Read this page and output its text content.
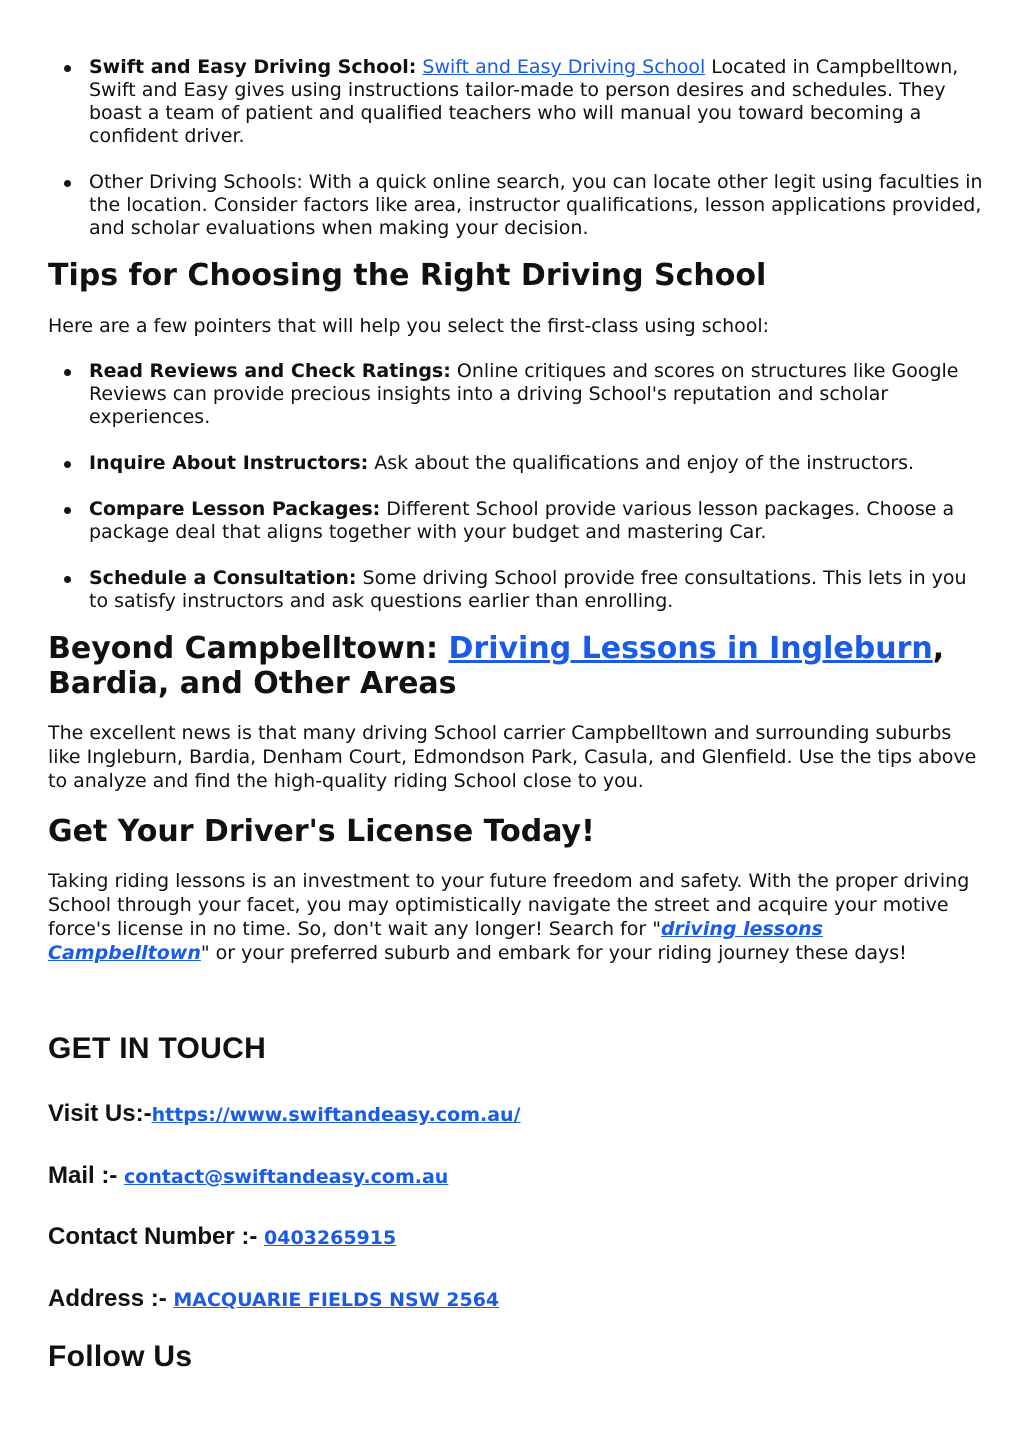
Swift and Easy Driving School: Swift and Easy Driving School Located in Campbelltown, Swift and Easy gives using instructions tailor-made to person desires and schedules. They boast a team of patient and qualified teachers who will manual you toward becoming a confident driver.
Other Driving Schools: With a quick online search, you can locate other legit using faculties in the location. Consider factors like area, instructor qualifications, lesson applications provided, and scholar evaluations when making your decision.
Tips for Choosing the Right Driving School

Here are a few pointers that will help you select the first-class using school:

Read Reviews and Check Ratings: Online critiques and scores on structures like Google Reviews can provide precious insights into a driving School's reputation and scholar experiences.
Inquire About Instructors: Ask about the qualifications and enjoy of the instructors.
Compare Lesson Packages: Different School provide various lesson packages. Choose a package deal that aligns together with your budget and mastering Car.
Schedule a Consultation: Some driving School provide free consultations. This lets in you to satisfy instructors and ask questions earlier than enrolling.
Beyond Campbelltown: Driving Lessons in Ingleburn, Bardia, and Other Areas

The excellent news is that many driving School carrier Campbelltown and surrounding suburbs like Ingleburn, Bardia, Denham Court, Edmondson Park, Casula, and Glenfield. Use the tips above to analyze and find the high-quality riding School close to you.

Get Your Driver's License Today!

Taking riding lessons is an investment to your future freedom and safety. With the proper driving School through your facet, you may optimistically navigate the street and acquire your motive force's license in no time. So, don't wait any longer! Search for "driving lessons Campbelltown" or your preferred suburb and embark for your riding journey these days!

GET IN TOUCH
Visit Us:-https://www.swiftandeasy.com.au/
Mail :- contact@swiftandeasy.com.au
Contact Number :- 0403265915
Address :- MACQUARIE FIELDS NSW 2564
Follow Us
